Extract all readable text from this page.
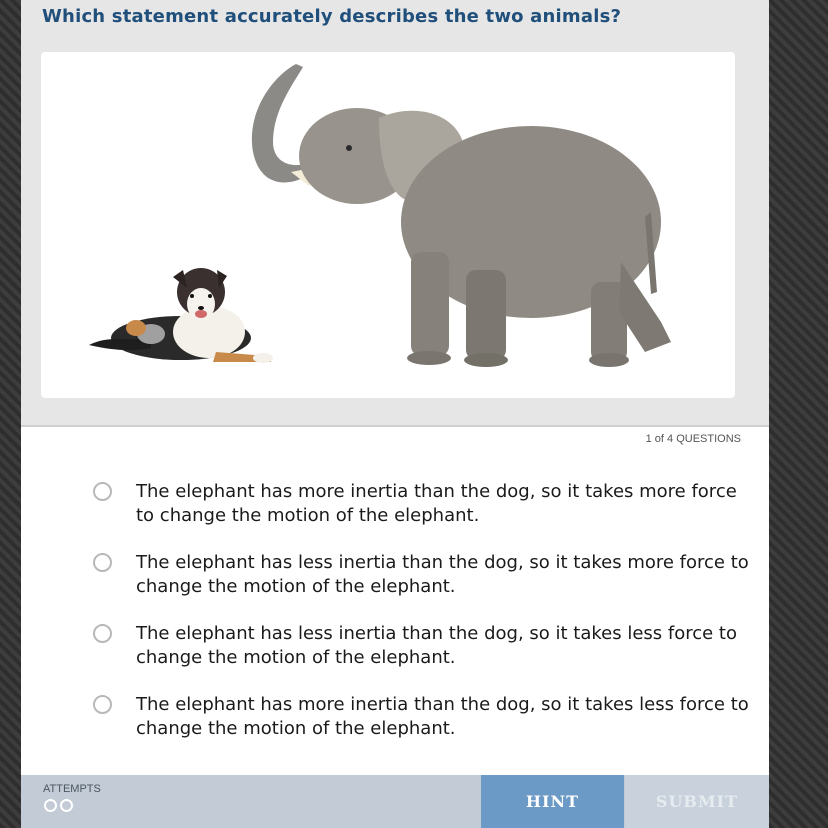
Which statement accurately describes the two animals?
1 of 4 QUESTIONS
The elephant has more inertia than the dog, so it takes more force to change the motion of the elephant.
The elephant has less inertia than the dog, so it takes more force to change the motion of the elephant.
The elephant has less inertia than the dog, so it takes less force to change the motion of the elephant.
The elephant has more inertia than the dog, so it takes less force to change the motion of the elephant.
ATTEMPTS
HINT	SUBMIT
